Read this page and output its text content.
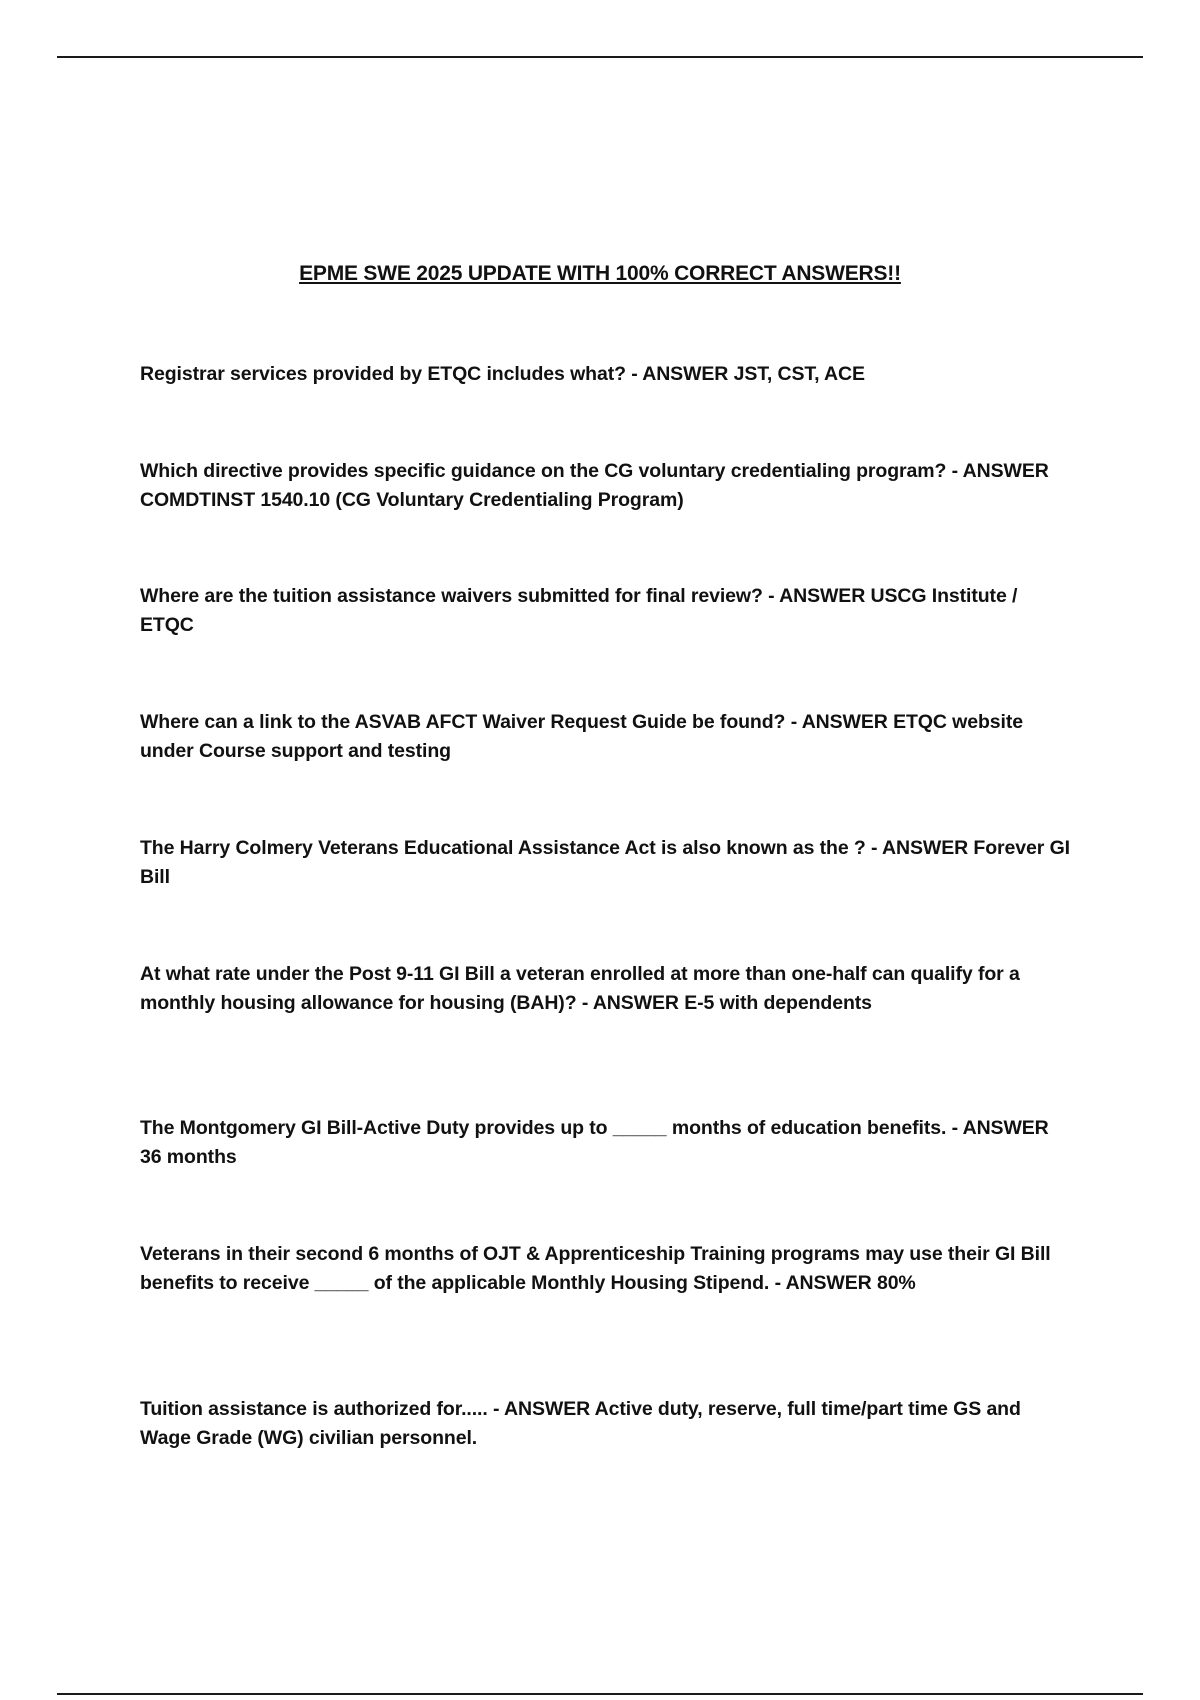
EPME SWE 2025 UPDATE WITH 100% CORRECT ANSWERS!!
Registrar services provided by ETQC includes what? - ANSWER JST, CST, ACE
Which directive provides specific guidance on the CG voluntary credentialing program? - ANSWER COMDTINST 1540.10 (CG Voluntary Credentialing Program)
Where are the tuition assistance waivers submitted for final review? - ANSWER USCG Institute / ETQC
Where can a link to the ASVAB AFCT Waiver Request Guide be found? - ANSWER ETQC website under Course support and testing
The Harry Colmery Veterans Educational Assistance Act is also known as the ? - ANSWER Forever GI Bill
At what rate under the Post 9-11 GI Bill a veteran enrolled at more than one-half can qualify for a monthly housing allowance for housing (BAH)? - ANSWER E-5 with dependents
The Montgomery GI Bill-Active Duty provides up to _____ months of education benefits. - ANSWER 36 months
Veterans in their second 6 months of OJT & Apprenticeship Training programs may use their GI Bill benefits to receive _____ of the applicable Monthly Housing Stipend. - ANSWER 80%
Tuition assistance is authorized for..... - ANSWER Active duty, reserve, full time/part time GS and Wage Grade (WG) civilian personnel.
